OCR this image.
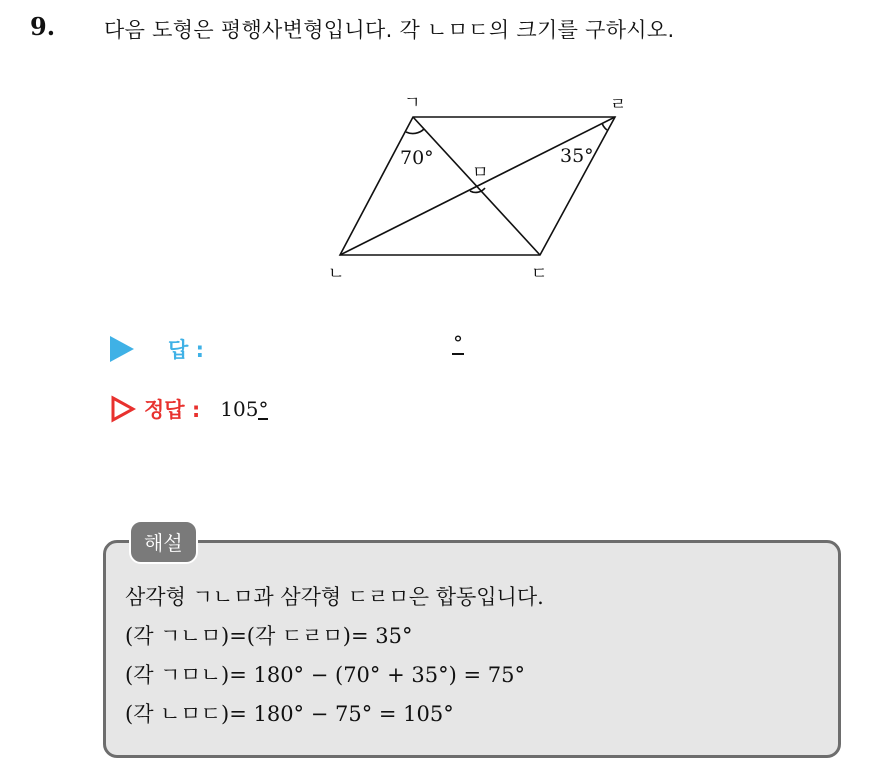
9. 다음 도형은 평행사변형입니다. 각 ㄴㅁㄷ의 크기를 구하시오.
ㄱ	ㄹ
ㄴ	ㄷ
ㅁ
70°	35°
답 :	°
정답 : 105°
해설
삼각형 ㄱㄴㅁ과 삼각형 ㄷㄹㅁ은 합동입니다.
(각 ㄱㄴㅁ)=(각 ㄷㄹㅁ)= 35°
(각 ㄱㅁㄴ)= 180° − (70° + 35°) = 75°
(각 ㄴㅁㄷ)= 180° − 75° = 105°
